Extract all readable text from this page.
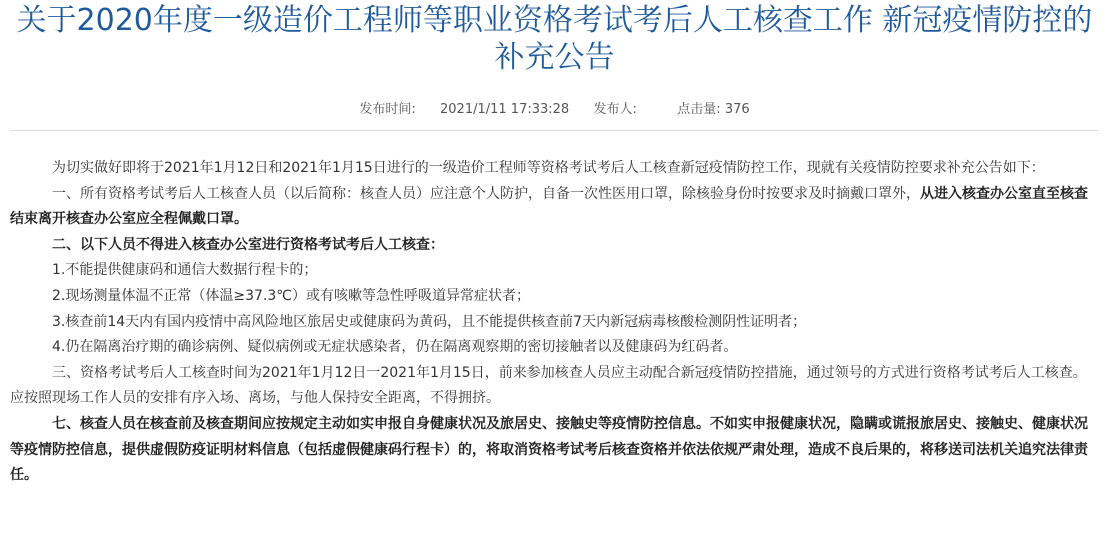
关于2020年度一级造价工程师等职业资格考试考后人工核查工作 新冠疫情防控的
补充公告
发布时间: 2021/1/11 17:33:28 发布人:	点击量: 376

为切实做好即将于2021年1月12日和2021年1月15日进行的一级造价工程师等资格考试考后人工核查新冠疫情防控工作，现就有关疫情防控要求补充公告如下：

一、所有资格考试考后人工核查人员（以后简称：核查人员）应注意个人防护，自备一次性医用口罩，除核验身份时按要求及时摘戴口罩外，从进入核查办公室直至核查结束离开核查办公室应全程佩戴口罩。

二、以下人员不得进入核查办公室进行资格考试考后人工核查：

1.不能提供健康码和通信大数据行程卡的；

2.现场测量体温不正常（体温≥37.3℃）或有咳嗽等急性呼吸道异常症状者；

3.核查前14天内有国内疫情中高风险地区旅居史或健康码为黄码，且不能提供核查前7天内新冠病毒核酸检测阴性证明者；

4.仍在隔离治疗期的确诊病例、疑似病例或无症状感染者，仍在隔离观察期的密切接触者以及健康码为红码者。

三、资格考试考后人工核查时间为2021年1月12日一2021年1月15日，前来参加核查人员应主动配合新冠疫情防控措施，通过领号的方式进行资格考试考后人工核查。应按照现场工作人员的安排有序入场、离场，与他人保持安全距离，不得拥挤。

七、核查人员在核查前及核查期间应按规定主动如实申报自身健康状况及旅居史、接触史等疫情防控信息。不如实申报健康状况，隐瞒或谎报旅居史、接触史、健康状况等疫情防控信息，提供虚假防疫证明材料信息（包括虚假健康码行程卡）的，将取消资格考试考后核查资格并依法依规严肃处理，造成不良后果的，将移送司法机关追究法律责任。
